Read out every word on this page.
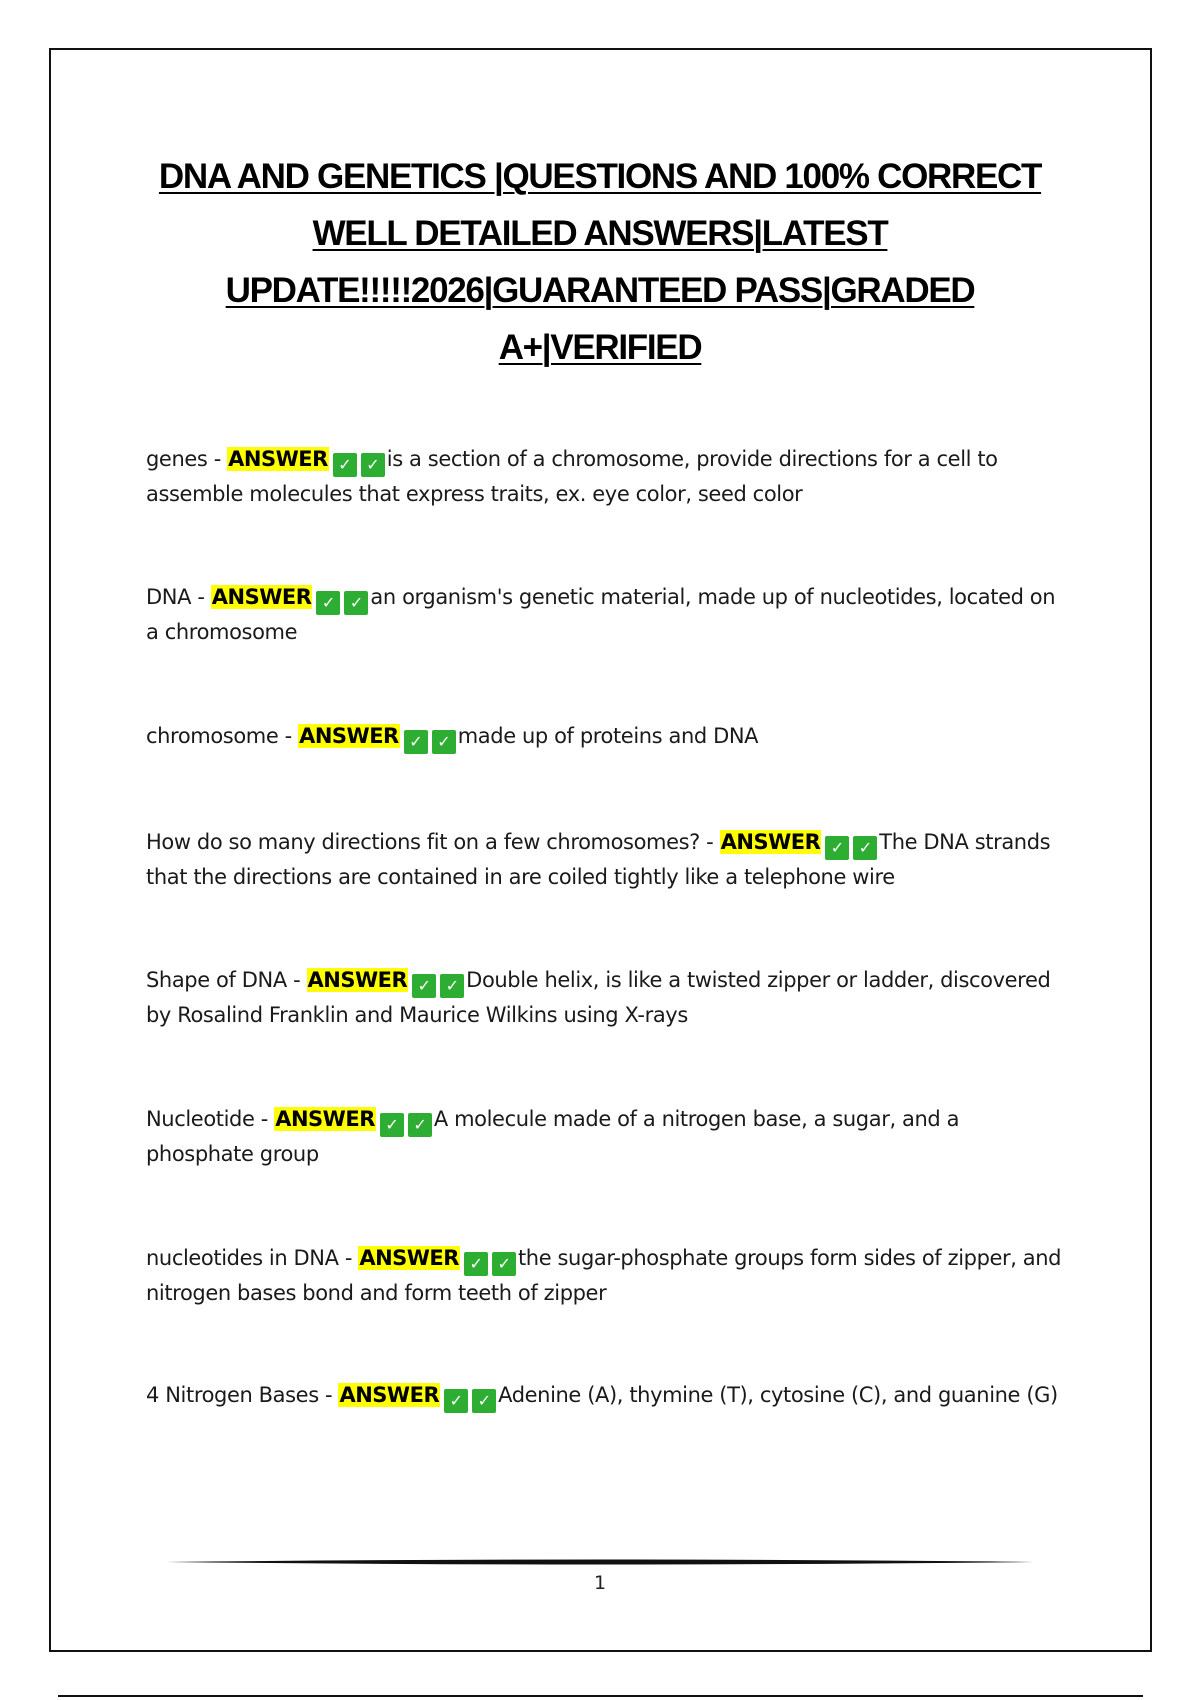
DNA AND GENETICS |QUESTIONS AND 100% CORRECT
WELL DETAILED ANSWERS|LATEST
UPDATE!!!!!2026|GUARANTEED PASS|GRADED
A+|VERIFIED
genes - ANSWER ✓ ✓ is a section of a chromosome, provide directions for a cell to assemble molecules that express traits, ex. eye color, seed color
DNA - ANSWER ✓ ✓ an organism's genetic material, made up of nucleotides, located on a chromosome
chromosome - ANSWER ✓ ✓ made up of proteins and DNA
How do so many directions fit on a few chromosomes? - ANSWER ✓ ✓ The DNA strands that the directions are contained in are coiled tightly like a telephone wire
Shape of DNA - ANSWER ✓ ✓ Double helix, is like a twisted zipper or ladder, discovered by Rosalind Franklin and Maurice Wilkins using X-rays
Nucleotide - ANSWER ✓ ✓ A molecule made of a nitrogen base, a sugar, and a phosphate group
nucleotides in DNA - ANSWER ✓ ✓ the sugar-phosphate groups form sides of zipper, and nitrogen bases bond and form teeth of zipper
4 Nitrogen Bases - ANSWER ✓ ✓ Adenine (A), thymine (T), cytosine (C), and guanine (G)
1
